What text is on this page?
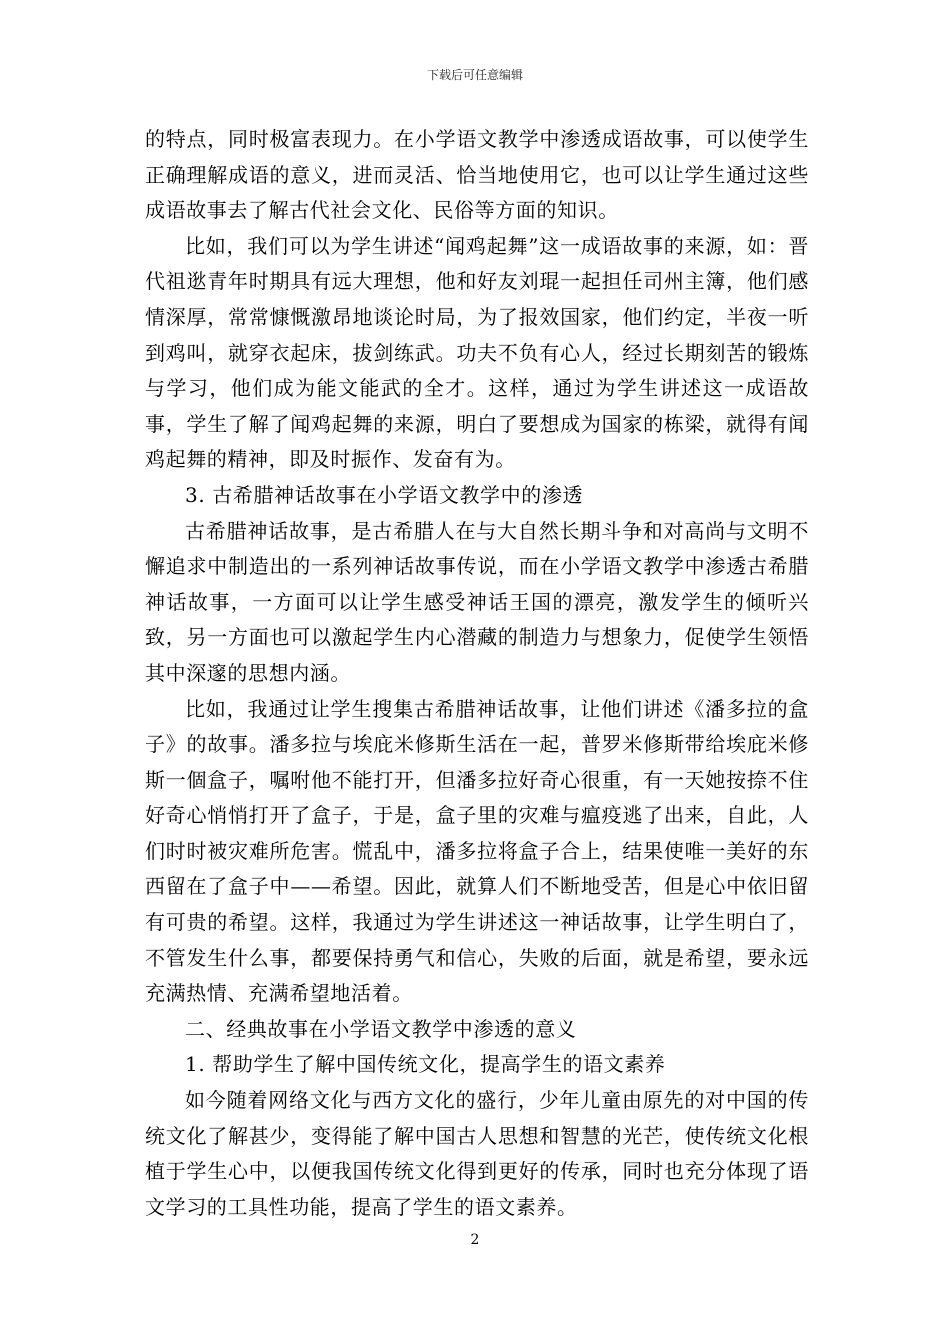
下载后可任意编辑

的特点，同时极富表现力。在小学语文教学中渗透成语故事，可以使学生正确理解成语的意义，进而灵活、恰当地使用它，也可以让学生通过这些成语故事去了解古代社会文化、民俗等方面的知识。

比如，我们可以为学生讲述“闻鸡起舞”这一成语故事的来源，如：晋代祖逖青年时期具有远大理想，他和好友刘琨一起担任司州主簿，他们感情深厚，常常慷慨激昂地谈论时局，为了报效国家，他们约定，半夜一听到鸡叫，就穿衣起床，拔剑练武。功夫不负有心人，经过长期刻苦的锻炼与学习，他们成为能文能武的全才。这样，通过为学生讲述这一成语故事，学生了解了闻鸡起舞的来源，明白了要想成为国家的栋梁，就得有闻鸡起舞的精神，即及时振作、发奋有为。

3. 古希腊神话故事在小学语文教学中的渗透

古希腊神话故事，是古希腊人在与大自然长期斗争和对高尚与文明不懈追求中制造出的一系列神话故事传说，而在小学语文教学中渗透古希腊神话故事，一方面可以让学生感受神话王国的漂亮，激发学生的倾听兴致，另一方面也可以激起学生内心潜藏的制造力与想象力，促使学生领悟其中深邃的思想内涵。

比如，我通过让学生搜集古希腊神话故事，让他们讲述《潘多拉的盒子》的故事。潘多拉与埃庇米修斯生活在一起，普罗米修斯带给埃庇米修斯一個盒子，嘱咐他不能打开，但潘多拉好奇心很重，有一天她按捺不住好奇心悄悄打开了盒子，于是，盒子里的灾难与瘟疫逃了出来，自此，人们时时被灾难所危害。慌乱中，潘多拉将盒子合上，结果使唯一美好的东西留在了盒子中——希望。因此，就算人们不断地受苦，但是心中依旧留有可贵的希望。这样，我通过为学生讲述这一神话故事，让学生明白了，不管发生什么事，都要保持勇气和信心，失败的后面，就是希望，要永远充满热情、充满希望地活着。

二、经典故事在小学语文教学中渗透的意义

1. 帮助学生了解中国传统文化，提高学生的语文素养

如今随着网络文化与西方文化的盛行，少年儿童由原先的对中国的传统文化了解甚少，变得能了解中国古人思想和智慧的光芒，使传统文化根植于学生心中，以便我国传统文化得到更好的传承，同时也充分体现了语文学习的工具性功能，提高了学生的语文素养。

2
